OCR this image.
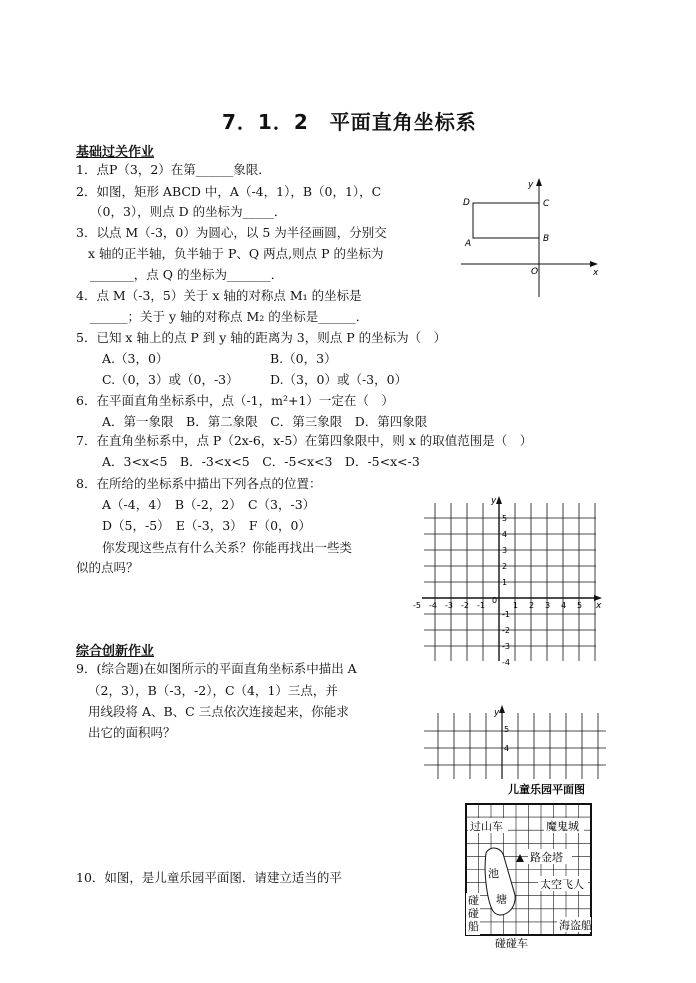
7．1．2　平面直角坐标系
基础过关作业
1．点P（3，2）在第______象限．
2．如图，矩形 ABCD 中，A（-4，1），B（0，1），C
（0，3），则点 D 的坐标为_____．
3．以点 M（-3，0）为圆心，以 5 为半径画圆，分别交
x 轴的正半轴，负半轴于 P、Q 两点,则点 P 的坐标为
_______，点 Q 的坐标为_______．
4．点 M（-3，5）关于 x 轴的对称点 M₁ 的坐标是
______；关于 y 轴的对称点 M₂ 的坐标是______．
5．已知 x 轴上的点 P 到 y 轴的距离为 3，则点 P 的坐标为（　）
A.（3，0）	B.（0，3）
C.（0，3）或（0，-3）	D.（3，0）或（-3，0）
6．在平面直角坐标系中，点（-1，m²+1）一定在（　）
A．第一象限　B．第二象限　C．第三象限　D．第四象限
7．在直角坐标系中，点 P（2x-6，x-5）在第四象限中，则 x 的取值范围是（　）
A．3<x<5　B．-3<x<5　C．-5<x<3　D．-5<x<-3
8．在所给的坐标系中描出下列各点的位置：
A（-4，4）　B（-2，2）　C（3，-3）
D（5，-5）　E（-3，3）　F（0，0）
你发现这些点有什么关系？你能再找出一些类
似的点吗？
综合创新作业
9．(综合题)在如图所示的平面直角坐标系中描出 A
（2，3），B（-3，-2），C（4，1）三点，并
用线段将 A、B、C 三点依次连接起来，你能求
出它的面积吗？
10．如图，是儿童乐园平面图．请建立适当的平
y
x
O
D
A
C
B
y
x
0
-5 -4 -3 -2 -1	1 2 3 4 5
5
4
3
2
1
-1
-2
-3
-4
y
5
4
儿童乐园平面图
过山车	魔鬼城
路金塔
太空飞人
池
塘
碰
碰
船
碰碰车
海盗船
